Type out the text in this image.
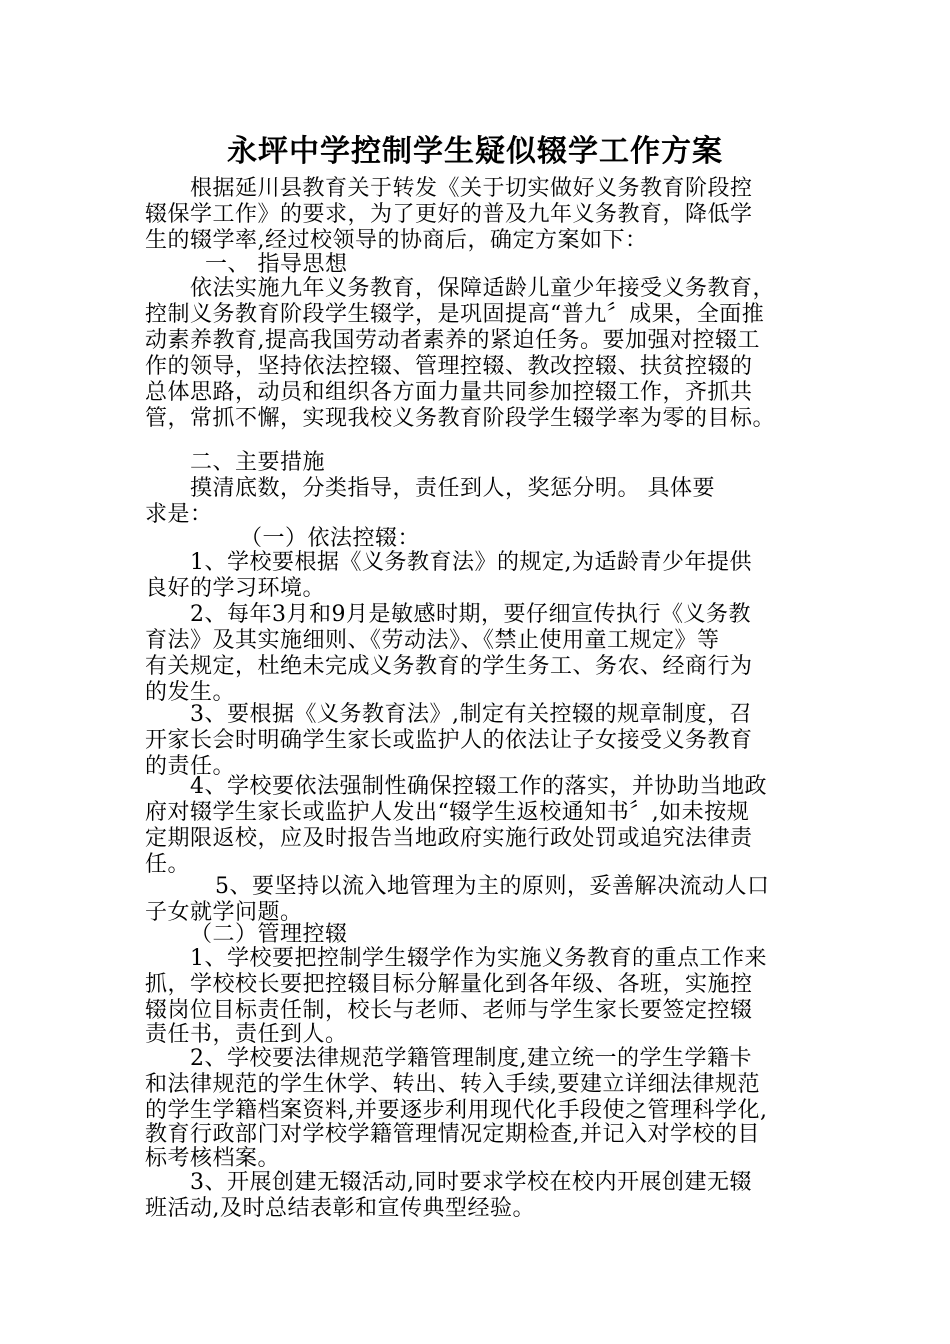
永坪中学控制学生疑似辍学工作方案
根据延川县教育关于转发《关于切实做好义务教育阶段控
辍保学工作》的要求，为了更好的普及九年义务教育，降低学
生的辍学率,经过校领导的协商后，确定方案如下：
一、 指导思想
依法实施九年义务教育，保障适龄儿童少年接受义务教育，
控制义务教育阶段学生辍学，是巩固提高“普九〞成果，全面推
动素养教育,提高我国劳动者素养的紧迫任务。要加强对控辍工
作的领导，坚持依法控辍、管理控辍、教改控辍、扶贫控辍的
总体思路，动员和组织各方面力量共同参加控辍工作，齐抓共
管，常抓不懈，实现我校义务教育阶段学生辍学率为零的目标。
二、主要措施
摸清底数，分类指导，责任到人，奖惩分明。 具体要
求是：
（一）依法控辍：
1、学校要根据《义务教育法》的规定,为适龄青少年提供
良好的学习环境。
2、每年3月和9月是敏感时期，要仔细宣传执行《义务教
育法》及其实施细则、《劳动法》、《禁止使用童工规定》等
有关规定，杜绝未完成义务教育的学生务工、务农、经商行为
的发生。
3、要根据《义务教育法》,制定有关控辍的规章制度，召
开家长会时明确学生家长或监护人的依法让子女接受义务教育
的责任。
4、学校要依法强制性确保控辍工作的落实，并协助当地政
府对辍学生家长或监护人发出“辍学生返校通知书〞,如未按规
定期限返校，应及时报告当地政府实施行政处罚或追究法律责
任。
5、要坚持以流入地管理为主的原则，妥善解决流动人口
子女就学问题。
（二）管理控辍
1、学校要把控制学生辍学作为实施义务教育的重点工作来
抓，学校校长要把控辍目标分解量化到各年级、各班，实施控
辍岗位目标责任制，校长与老师、老师与学生家长要签定控辍
责任书，责任到人。
2、学校要法律规范学籍管理制度,建立统一的学生学籍卡
和法律规范的学生休学、转出、转入手续,要建立详细法律规范
的学生学籍档案资料,并要逐步利用现代化手段使之管理科学化,
教育行政部门对学校学籍管理情况定期检查,并记入对学校的目
标考核档案。
3、开展创建无辍活动,同时要求学校在校内开展创建无辍
班活动,及时总结表彰和宣传典型经验。
